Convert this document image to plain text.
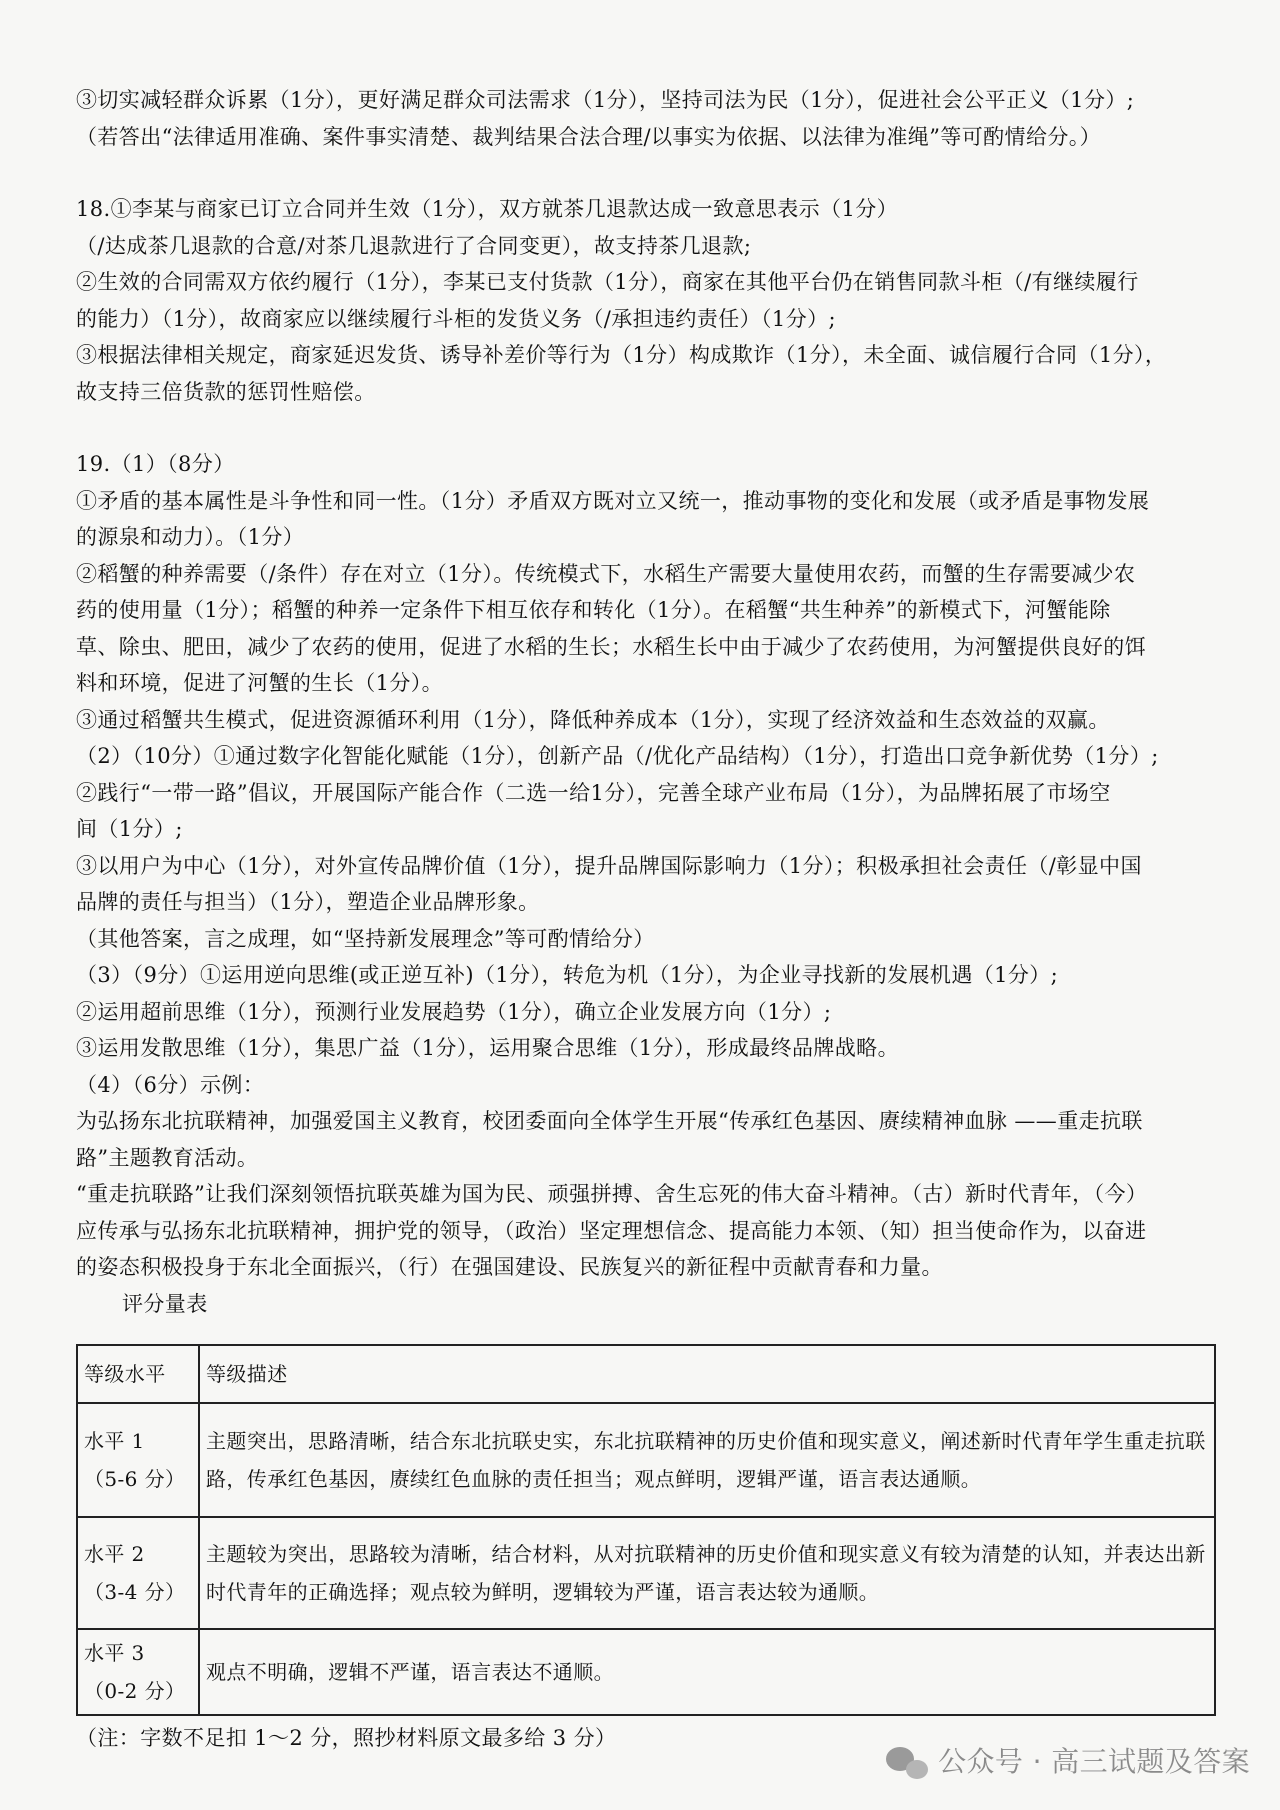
③切实减轻群众诉累（1分），更好满足群众司法需求（1分），坚持司法为民（1分），促进社会公平正义（1分）;

（若答出“法律适用准确、案件事实清楚、裁判结果合法合理/以事实为依据、以法律为准绳”等可酌情给分。）

18.①李某与商家已订立合同并生效（1分），双方就茶几退款达成一致意思表示（1分）

（/达成茶几退款的合意/对茶几退款进行了合同变更），故支持茶几退款;

②生效的合同需双方依约履行（1分），李某已支付货款（1分），商家在其他平台仍在销售同款斗柜（/有继续履行

的能力）（1分），故商家应以继续履行斗柜的发货义务（/承担违约责任）（1分）;

③根据法律相关规定，商家延迟发货、诱导补差价等行为（1分）构成欺诈（1分），未全面、诚信履行合同（1分），

故支持三倍货款的惩罚性赔偿。

19.（1）（8分）

①矛盾的基本属性是斗争性和同一性。（1分）矛盾双方既对立又统一，推动事物的变化和发展（或矛盾是事物发展

的源泉和动力）。（1分）

②稻蟹的种养需要（/条件）存在对立（1分）。传统模式下，水稻生产需要大量使用农药，而蟹的生存需要减少农

药的使用量（1分）；稻蟹的种养一定条件下相互依存和转化（1分）。在稻蟹“共生种养”的新模式下，河蟹能除

草、除虫、肥田，减少了农药的使用，促进了水稻的生长；水稻生长中由于减少了农药使用，为河蟹提供良好的饵

料和环境，促进了河蟹的生长（1分）。

③通过稻蟹共生模式，促进资源循环利用（1分），降低种养成本（1分），实现了经济效益和生态效益的双赢。

（2）（10分）①通过数字化智能化赋能（1分），创新产品（/优化产品结构）（1分），打造出口竞争新优势（1分）;

②践行“一带一路”倡议，开展国际产能合作（二选一给1分），完善全球产业布局（1分），为品牌拓展了市场空

间（1分）;

③以用户为中心（1分），对外宣传品牌价值（1分），提升品牌国际影响力（1分）；积极承担社会责任（/彰显中国

品牌的责任与担当）（1分），塑造企业品牌形象。

（其他答案，言之成理，如“坚持新发展理念”等可酌情给分）

（3）（9分）①运用逆向思维(或正逆互补)（1分），转危为机（1分），为企业寻找新的发展机遇（1分）;

②运用超前思维（1分），预测行业发展趋势（1分），确立企业发展方向（1分）;

③运用发散思维（1分），集思广益（1分），运用聚合思维（1分），形成最终品牌战略。

（4）（6分）示例：

为弘扬东北抗联精神，加强爱国主义教育，校团委面向全体学生开展“传承红色基因、赓续精神血脉 ——重走抗联

路”主题教育活动。

“重走抗联路”让我们深刻领悟抗联英雄为国为民、顽强拼搏、舍生忘死的伟大奋斗精神。（古）新时代青年，（今）

应传承与弘扬东北抗联精神，拥护党的领导，（政治）坚定理想信念、提高能力本领、（知）担当使命作为，以奋进

的姿态积极投身于东北全面振兴，（行）在强国建设、民族复兴的新征程中贡献青春和力量。

评分量表

等级水平	等级描述

水平 1
（5-6 分）	主题突出，思路清晰，结合东北抗联史实，东北抗联精神的历史价值和现实意义，阐述新时代青年学生重走抗联路，传承红色基因，赓续红色血脉的责任担当；观点鲜明，逻辑严谨，语言表达通顺。

水平 2
（3-4 分）	主题较为突出，思路较为清晰，结合材料，从对抗联精神的历史价值和现实意义有较为清楚的认知，并表达出新时代青年的正确选择；观点较为鲜明，逻辑较为严谨，语言表达较为通顺。

水平 3
（0-2 分）	观点不明确，逻辑不严谨，语言表达不通顺。

（注：字数不足扣 1～2 分，照抄材料原文最多给 3 分）

公众号 · 高三试题及答案
